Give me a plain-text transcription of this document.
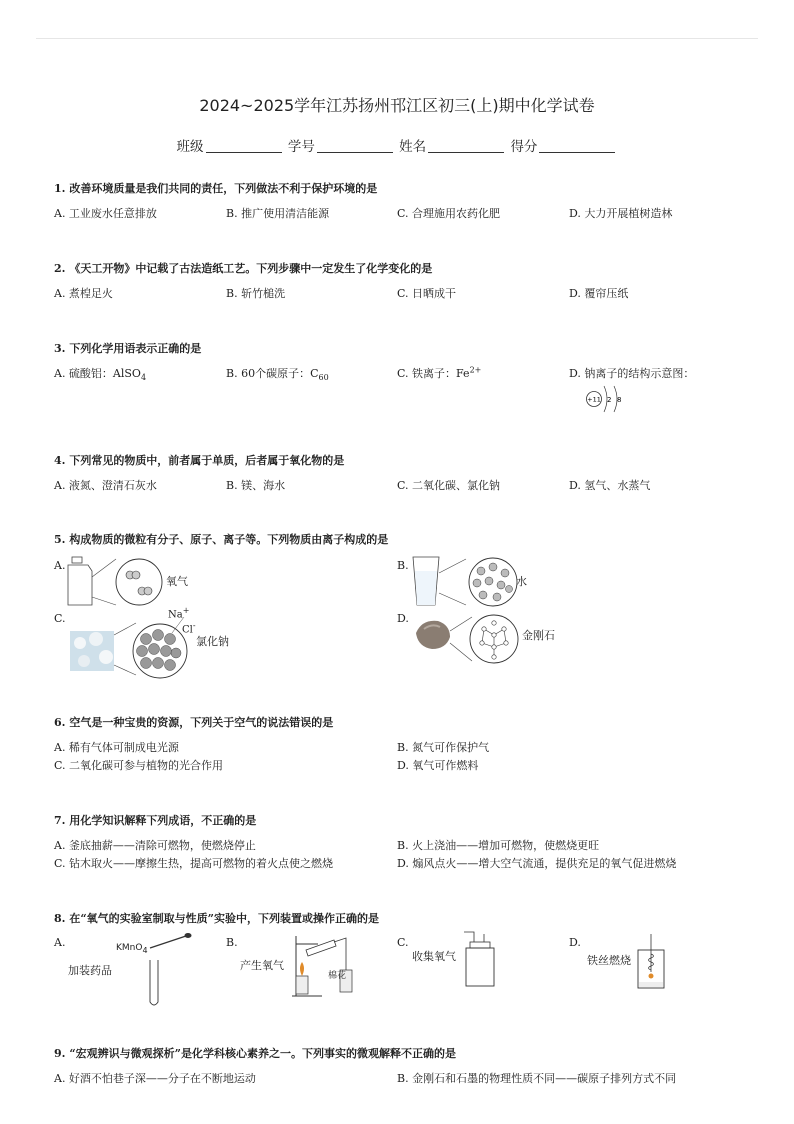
2024~2025学年江苏扬州邗江区初三(上)期中化学试卷
班级	学号	姓名	得分
1. 改善环境质量是我们共同的责任，下列做法不利于保护环境的是
A. 工业废水任意排放	B. 推广使用清洁能源	C. 合理施用农药化肥	D. 大力开展植树造林
2. 《天工开物》中记载了古法造纸工艺。下列步骤中一定发生了化学变化的是
A. 煮楻足火	B. 斩竹槌洗	C. 日晒成干	D. 覆帘压纸
3. 下列化学用语表示正确的是
A. 硫酸铝：AlSO$_4$	B. 60个碳原子：$C_{60}$	C. 铁离子：$Fe^{2+}$	D. 钠离子的结构示意图：
+11 2 8
4. 下列常见的物质中，前者属于单质，后者属于氧化物的是
A. 液氮、澄清石灰水	B. 镁、海水	C. 二氧化碳、氯化钠	D. 氢气、水蒸气
5. 构成物质的微粒有分子、原子、离子等。下列物质由离子构成的是
A.	B.
C.	D.
氧气	水
Na+
Cl-
氯化钠	金刚石
6. 空气是一种宝贵的资源，下列关于空气的说法错误的是
A. 稀有气体可制成电光源	B. 氮气可作保护气
C. 二氧化碳可参与植物的光合作用	D. 氧气可作燃料
7. 用化学知识解释下列成语，不正确的是
A. 釜底抽薪——清除可燃物，使燃烧停止	B. 火上浇油——增加可燃物，使燃烧更旺
C. 钻木取火——摩擦生热，提高可燃物的着火点使之燃烧	D. 煽风点火——增大空气流通，提供充足的氧气促进燃烧
8. 在“氧气的实验室制取与性质”实验中，下列装置或操作正确的是
A.	B.	C.	D.
KMnO$_4$
加装药品	产生氧气
棉花
收集氧气	铁丝燃烧
9. “宏观辨识与微观探析”是化学科核心素养之一。下列事实的微观解释不正确的是
A. 好酒不怕巷子深——分子在不断地运动	B. 金刚石和石墨的物理性质不同——碳原子排列方式不同
